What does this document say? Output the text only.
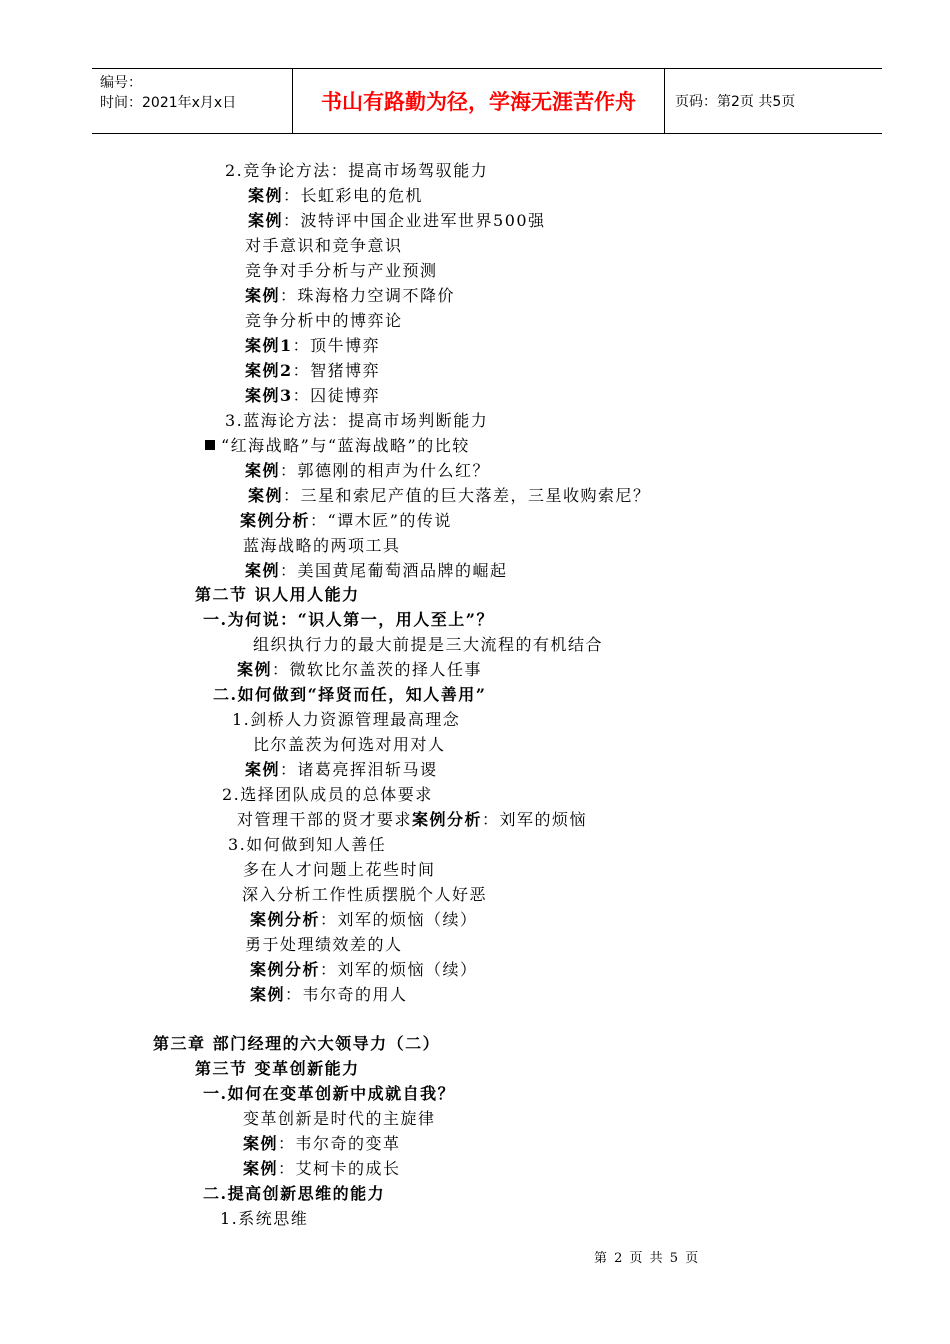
编号：
时间：2021年x月x日	书山有路勤为径，学海无涯苦作舟	页码：第2页 共5页
2.竞争论方法：提高市场驾驭能力
案例：长虹彩电的危机
案例：波特评中国企业进军世界500强
对手意识和竞争意识
竞争对手分析与产业预测
案例：珠海格力空调不降价
竞争分析中的博弈论
案例1：顶牛博弈
案例2：智猪博弈
案例3：囚徒博弈
3.蓝海论方法：提高市场判断能力
“红海战略”与“蓝海战略”的比较
案例：郭德刚的相声为什么红？
案例：三星和索尼产值的巨大落差，三星收购索尼？
案例分析：“谭木匠”的传说
蓝海战略的两项工具
案例：美国黄尾葡萄酒品牌的崛起
第二节 识人用人能力
一.为何说：“识人第一，用人至上”？
组织执行力的最大前提是三大流程的有机结合
案例：微软比尔盖茨的择人任事
二.如何做到“择贤而任，知人善用”
1.剑桥人力资源管理最高理念
比尔盖茨为何选对用对人
案例：诸葛亮挥泪斩马谡
2.选择团队成员的总体要求
对管理干部的贤才要求案例分析：刘军的烦恼
3.如何做到知人善任
多在人才问题上花些时间
深入分析工作性质摆脱个人好恶
案例分析：刘军的烦恼（续）
勇于处理绩效差的人
案例分析：刘军的烦恼（续）
案例：韦尔奇的用人
第三章 部门经理的六大领导力（二）
第三节 变革创新能力
一.如何在变革创新中成就自我？
变革创新是时代的主旋律
案例：韦尔奇的变革
案例：艾柯卡的成长
二.提高创新思维的能力
1.系统思维
第 2 页 共 5 页
